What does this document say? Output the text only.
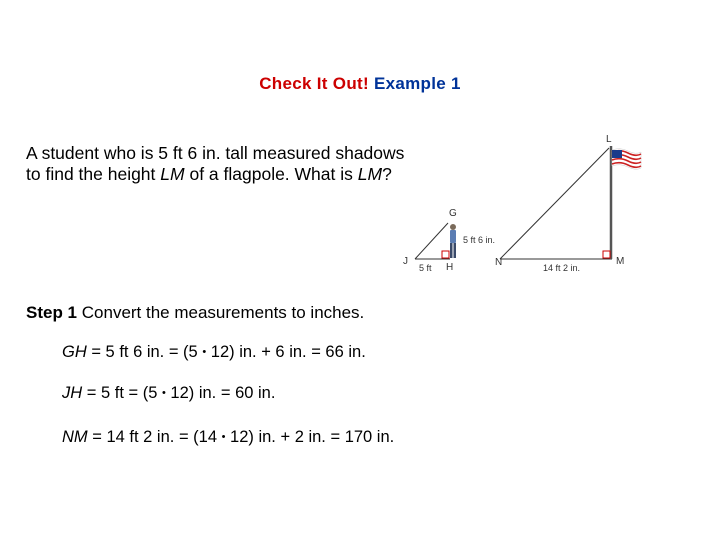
Check It Out! Example 1
A student who is 5 ft 6 in. tall measured shadows to find the height LM of a flagpole. What is LM?
L
G
J
H	N	M
5 ft 6 in.
5 ft	14 ft 2 in.
Step 1 Convert the measurements to inches.
GH = 5 ft 6 in. = (5 • 12) in. + 6 in. = 66 in.
JH = 5 ft = (5 • 12) in. = 60 in.
NM = 14 ft 2 in. = (14 • 12) in. + 2 in. = 170 in.
